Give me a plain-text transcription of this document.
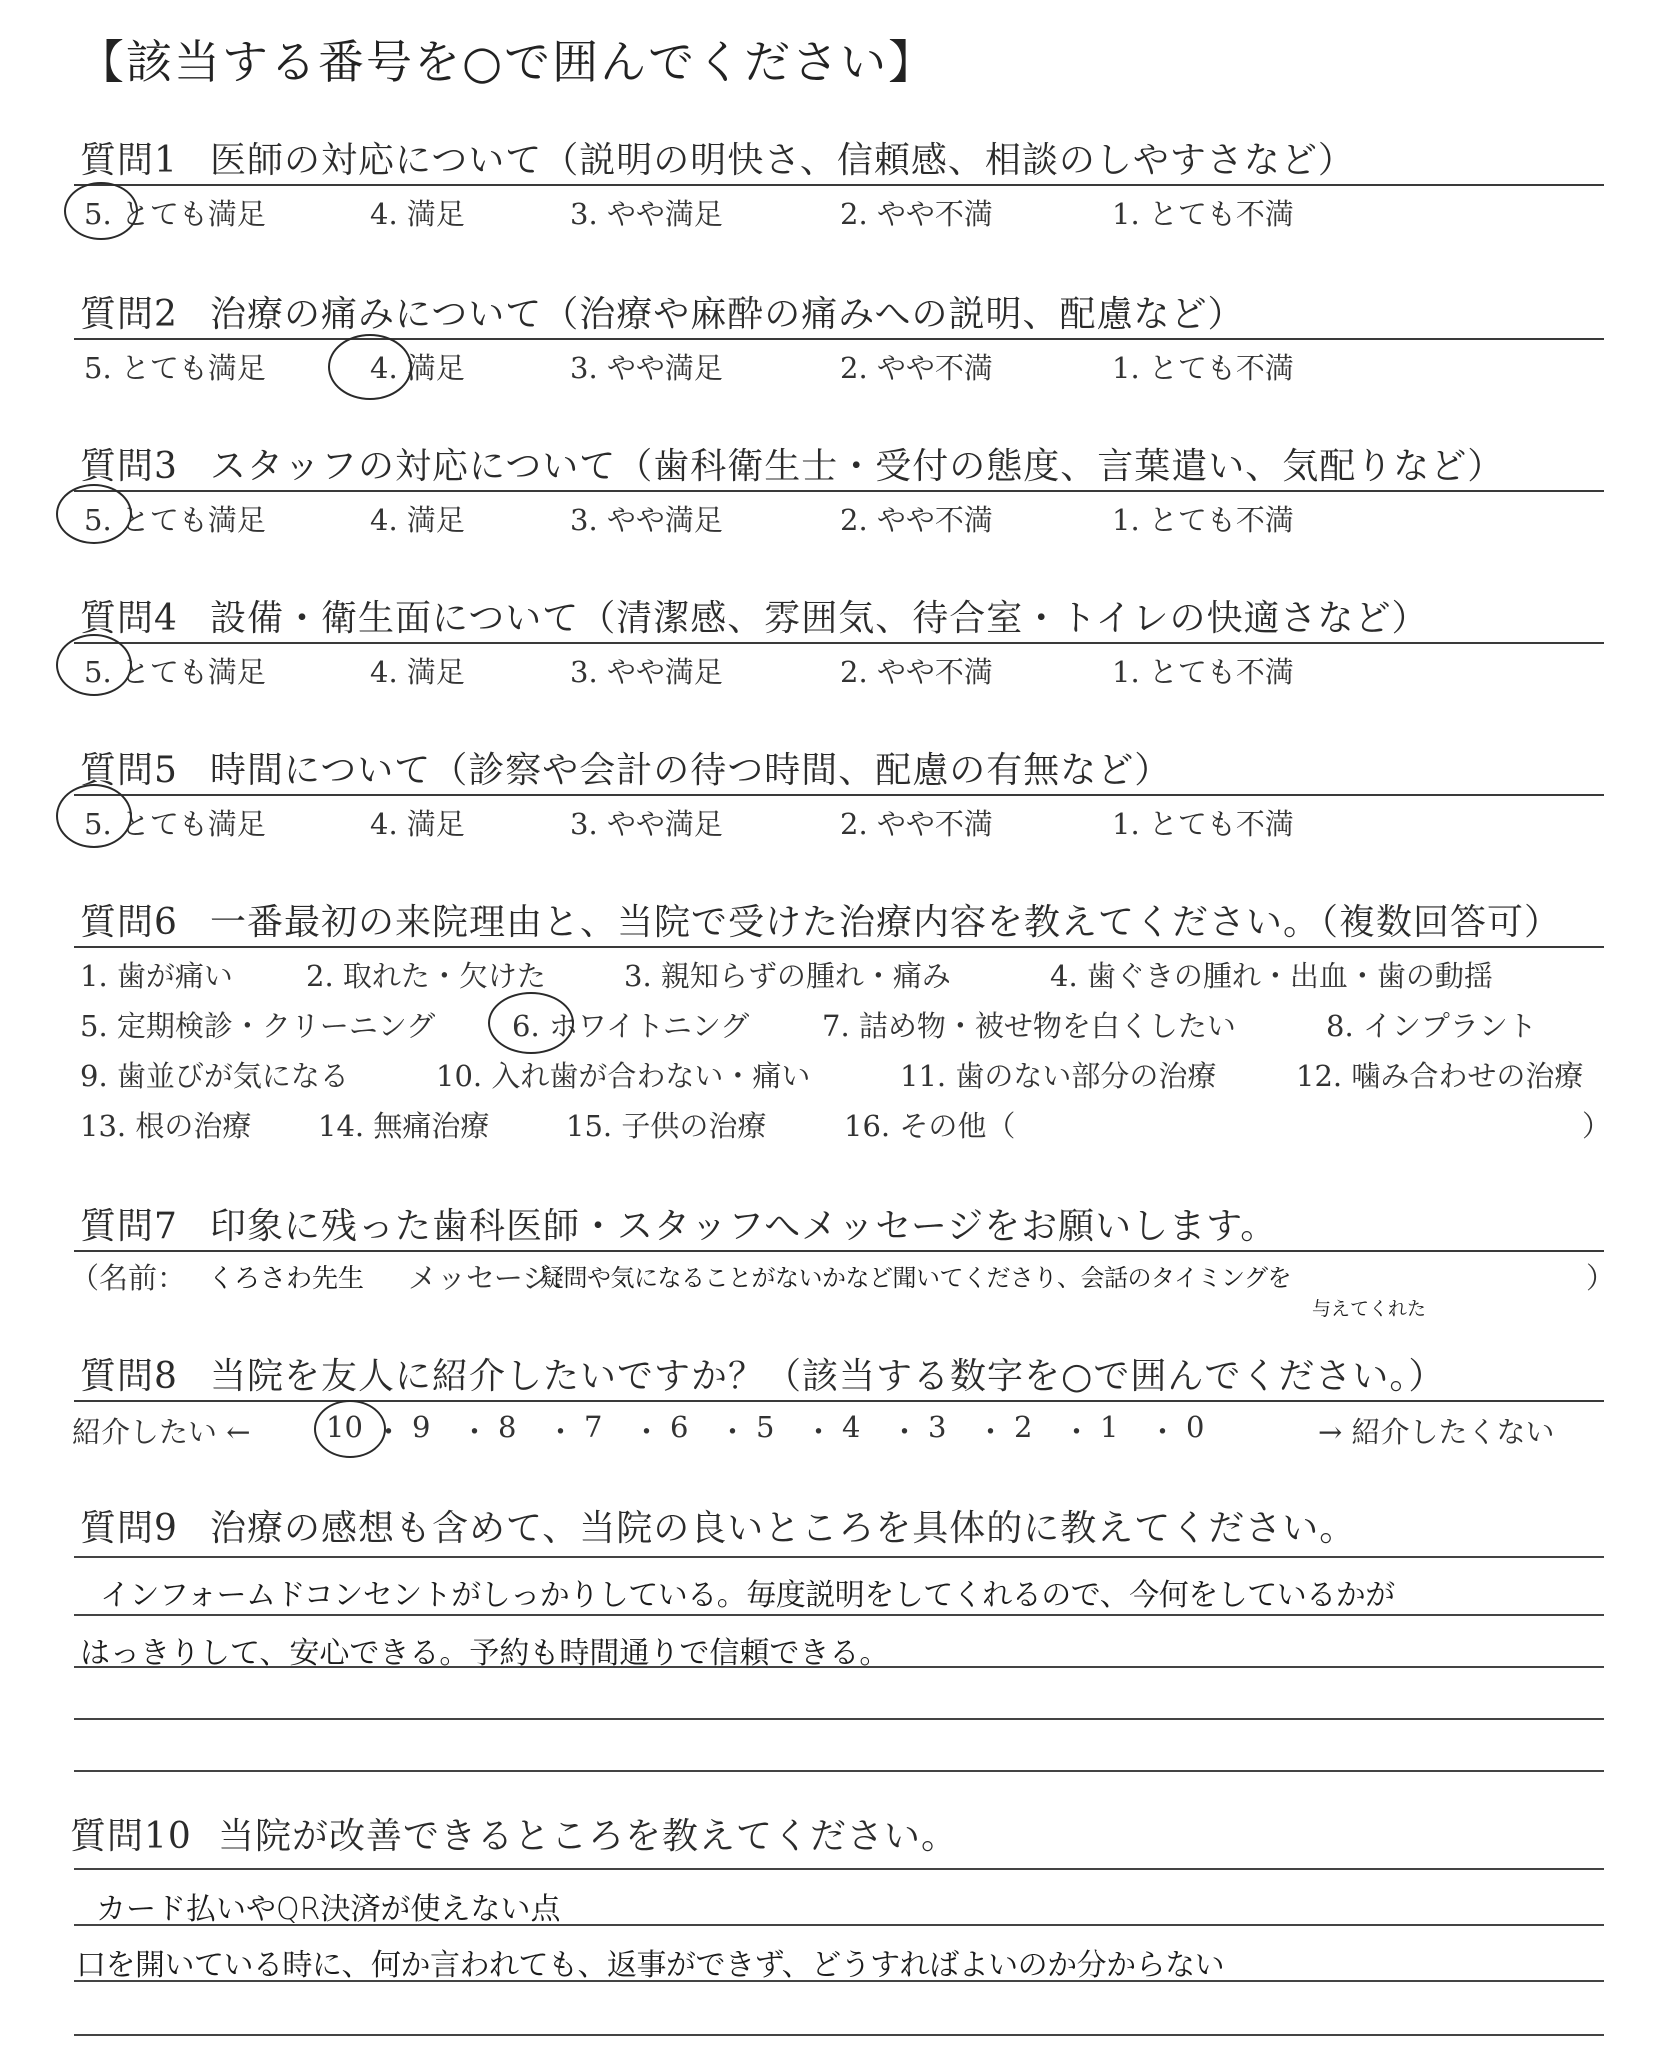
【該当する番号を○で囲んでください】
質問1 医師の対応について（説明の明快さ、信頼感、相談のしやすさなど）
5. とても満足	4. 満足	3. やや満足	2. やや不満	1. とても不満
質問2 治療の痛みについて（治療や麻酔の痛みへの説明、配慮など）
5. とても満足	4. 満足	3. やや満足	2. やや不満	1. とても不満
質問3 スタッフの対応について（歯科衛生士・受付の態度、言葉遣い、気配りなど）
5. とても満足	4. 満足	3. やや満足	2. やや不満	1. とても不満
質問4 設備・衛生面について（清潔感、雰囲気、待合室・トイレの快適さなど）
5. とても満足	4. 満足	3. やや満足	2. やや不満	1. とても不満
質問5 時間について（診察や会計の待つ時間、配慮の有無など）
5. とても満足	4. 満足	3. やや満足	2. やや不満	1. とても不満
質問6 一番最初の来院理由と、当院で受けた治療内容を教えてください。（複数回答可）
1. 歯が痛い	2. 取れた・欠けた	3. 親知らずの腫れ・痛み	4. 歯ぐきの腫れ・出血・歯の動揺
5. 定期検診・クリーニング	6. ホワイトニング	7. 詰め物・被せ物を白くしたい	8. インプラント
9. 歯並びが気になる	10. 入れ歯が合わない・痛い	11. 歯のない部分の治療	12. 噛み合わせの治療
13. 根の治療 14. 無痛治療	15. 子供の治療	16. その他（	）
質問7 印象に残った歯科医師・スタッフへメッセージをお願いします。
（名前： くろさわ先生 メッセージ：
疑問や気になることがないかなど聞いてくださり、会話のタイミングを
与えてくれた
）
質問8 当院を友人に紹介したいですか？（該当する数字を○で囲んでください。）
紹介したい ←	10 ・ 9 ・ 8 ・ 7 ・ 6 ・ 5 ・ 4 ・ 3 ・ 2 ・ 1 ・ 0	→ 紹介したくない
質問9 治療の感想も含めて、当院の良いところを具体的に教えてください。
インフォームドコンセントがしっかりしている。毎度説明をしてくれるので、今何をしているかが
はっきりして、安心できる。予約も時間通りで信頼できる。
質問10 当院が改善できるところを教えてください。
カード払いやQR決済が使えない点
口を開いている時に、何か言われても、返事ができず、どうすればよいのか分からない
